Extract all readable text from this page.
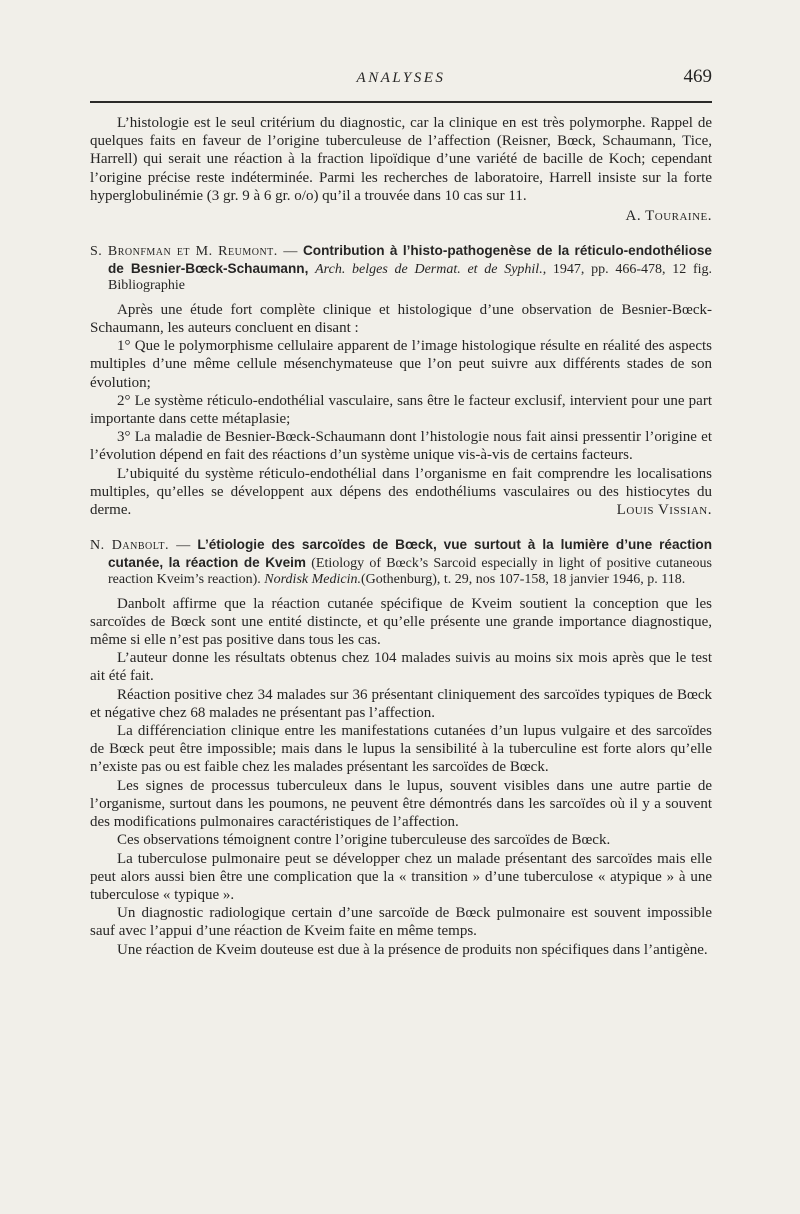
ANALYSES	469

L’histologie est le seul critérium du diagnostic, car la clinique en est très polymorphe. Rappel de quelques faits en faveur de l’origine tuberculeuse de l’affection (Reisner, Bœck, Schaumann, Tice, Harrell) qui serait une réaction à la fraction lipoïdique d’une variété de bacille de Koch; cependant l’origine précise reste indéterminée. Parmi les recherches de laboratoire, Harrell insiste sur la forte hyperglobulinémie (3 gr. 9 à 6 gr. o/o) qu’il a trouvée dans 10 cas sur 11.

A. Touraine.

S. Bronfman et M. Reumont. — Contribution à l’histo-pathogenèse de la réticulo-endothéliose de Besnier-Bœck-Schaumann, Arch. belges de Dermat. et de Syphil., 1947, pp. 466-478, 12 fig. Bibliographie

Après une étude fort complète clinique et histologique d’une observation de Besnier-Bœck-Schaumann, les auteurs concluent en disant :

1° Que le polymorphisme cellulaire apparent de l’image histologique résulte en réalité des aspects multiples d’une même cellule mésenchymateuse que l’on peut suivre aux différents stades de son évolution;

2° Le système réticulo-endothélial vasculaire, sans être le facteur exclusif, intervient pour une part importante dans cette métaplasie;

3° La maladie de Besnier-Bœck-Schaumann dont l’histologie nous fait ainsi pressentir l’origine et l’évolution dépend en fait des réactions d’un système unique vis-à-vis de certains facteurs.

L’ubiquité du système réticulo-endothélial dans l’organisme en fait comprendre les localisations multiples, qu’elles se développent aux dépens des endothéliums vasculaires ou des histiocytes du derme.	Louis Vissian.

N. Danbolt. — L’étiologie des sarcoïdes de Bœck, vue surtout à la lumière d’une réaction cutanée, la réaction de Kveim (Etiology of Bœck’s Sarcoid especially in light of positive cutaneous reaction Kveim’s reaction). Nordisk Medicin.(Gothenburg), t. 29, nos 107-158, 18 janvier 1946, p. 118.

Danbolt affirme que la réaction cutanée spécifique de Kveim soutient la conception que les sarcoïdes de Bœck sont une entité distincte, et qu’elle présente une grande importance diagnostique, même si elle n’est pas positive dans tous les cas.

L’auteur donne les résultats obtenus chez 104 malades suivis au moins six mois après que le test ait été fait.

Réaction positive chez 34 malades sur 36 présentant cliniquement des sarcoïdes typiques de Bœck et négative chez 68 malades ne présentant pas l’affection.

La différenciation clinique entre les manifestations cutanées d’un lupus vulgaire et des sarcoïdes de Bœck peut être impossible; mais dans le lupus la sensibilité à la tuberculine est forte alors qu’elle n’existe pas ou est faible chez les malades présentant les sarcoïdes de Bœck.

Les signes de processus tuberculeux dans le lupus, souvent visibles dans une autre partie de l’organisme, surtout dans les poumons, ne peuvent être démontrés dans les sarcoïdes où il y a souvent des modifications pulmonaires caractéristiques de l’affection.

Ces observations témoignent contre l’origine tuberculeuse des sarcoïdes de Bœck.

La tuberculose pulmonaire peut se développer chez un malade présentant des sarcoïdes mais elle peut alors aussi bien être une complication que la « transition » d’une tuberculose « atypique » à une tuberculose « typique ».

Un diagnostic radiologique certain d’une sarcoïde de Bœck pulmonaire est souvent impossible sauf avec l’appui d’une réaction de Kveim faite en même temps.

Une réaction de Kveim douteuse est due à la présence de produits non spécifiques dans l’antigène.
